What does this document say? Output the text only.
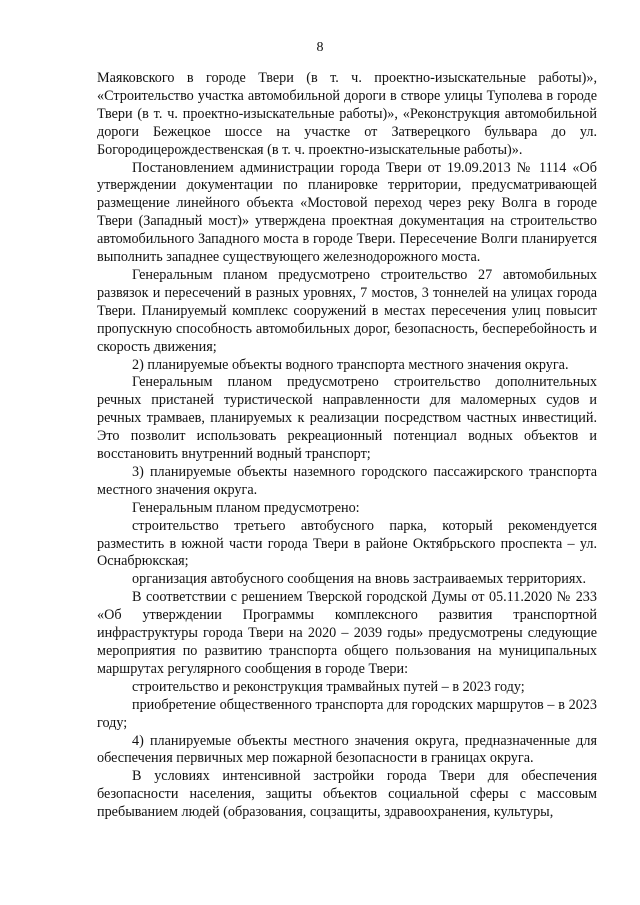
8

Маяковского в городе Твери (в т. ч. проектно-изыскательные работы)», «Строительство участка автомобильной дороги в створе улицы Туполева в городе Твери (в т. ч. проектно-изыскательные работы)», «Реконструкция автомобильной дороги Бежецкое шоссе на участке от Затверецкого бульвара до ул. Богородицерождественская (в т. ч. проектно-изыскательные работы)».

Постановлением администрации города Твери от 19.09.2013 № 1114 «Об утверждении документации по планировке территории, предусматривающей размещение линейного объекта «Мостовой переход через реку Волга в городе Твери (Западный мост)» утверждена проектная документация на строительство автомобильного Западного моста в городе Твери. Пересечение Волги планируется выполнить западнее существующего железнодорожного моста.

Генеральным планом предусмотрено строительство 27 автомобильных развязок и пересечений в разных уровнях, 7 мостов, 3 тоннелей на улицах города Твери. Планируемый комплекс сооружений в местах пересечения улиц повысит пропускную способность автомобильных дорог, безопасность, бесперебойность и скорость движения;

2) планируемые объекты водного транспорта местного значения округа.

Генеральным планом предусмотрено строительство дополнительных речных пристаней туристической направленности для маломерных судов и речных трамваев, планируемых к реализации посредством частных инвестиций. Это позволит использовать рекреационный потенциал водных объектов и восстановить внутренний водный транспорт;

3) планируемые объекты наземного городского пассажирского транспорта местного значения округа.

Генеральным планом предусмотрено:

строительство третьего автобусного парка, который рекомендуется разместить в южной части города Твери в районе Октябрьского проспекта – ул. Оснабрюкская;

организация автобусного сообщения на вновь застраиваемых территориях.

В соответствии с решением Тверской городской Думы от 05.11.2020 № 233 «Об утверждении Программы комплексного развития транспортной инфраструктуры города Твери на 2020 – 2039 годы» предусмотрены следующие мероприятия по развитию транспорта общего пользования на муниципальных маршрутах регулярного сообщения в городе Твери:

строительство и реконструкция трамвайных путей – в 2023 году;

приобретение общественного транспорта для городских маршрутов – в 2023 году;

4) планируемые объекты местного значения округа, предназначенные для обеспечения первичных мер пожарной безопасности в границах округа.

В условиях интенсивной застройки города Твери для обеспечения безопасности населения, защиты объектов социальной сферы с массовым пребыванием людей (образования, соцзащиты, здравоохранения, культуры,
